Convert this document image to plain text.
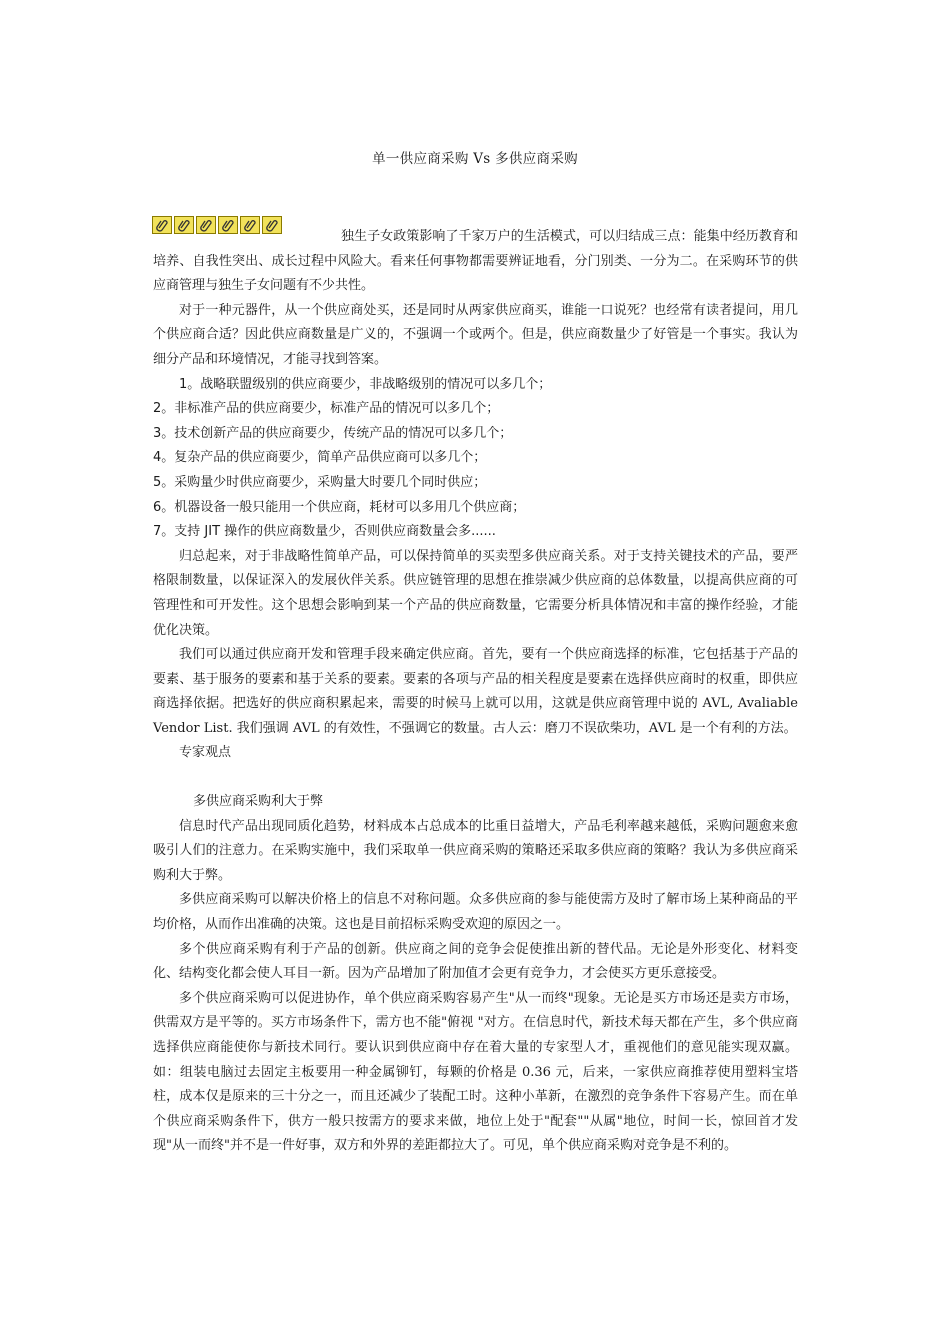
单一供应商采购 Vs 多供应商采购

独生子女政策影响了千家万户的生活模式，可以归结成三点：能集中经历教育和培养、自我性突出、成长过程中风险大。看来任何事物都需要辨证地看，分门别类、一分为二。在采购环节的供应商管理与独生子女问题有不少共性。

对于一种元器件，从一个供应商处买，还是同时从两家供应商买，谁能一口说死？也经常有读者提问，用几个供应商合适？因此供应商数量是广义的，不强调一个或两个。但是，供应商数量少了好管是一个事实。我认为细分产品和环境情况，才能寻找到答案。

1。战略联盟级别的供应商要少，非战略级别的情况可以多几个；

2。非标准产品的供应商要少，标准产品的情况可以多几个；

3。技术创新产品的供应商要少，传统产品的情况可以多几个；

4。复杂产品的供应商要少，简单产品供应商可以多几个；

5。采购量少时供应商要少，采购量大时要几个同时供应；

6。机器设备一般只能用一个供应商，耗材可以多用几个供应商；

7。支持 JIT 操作的供应商数量少，否则供应商数量会多......

归总起来，对于非战略性简单产品，可以保持简单的买卖型多供应商关系。对于支持关键技术的产品，要严格限制数量，以保证深入的发展伙伴关系。供应链管理的思想在推崇减少供应商的总体数量，以提高供应商的可管理性和可开发性。这个思想会影响到某一个产品的供应商数量，它需要分析具体情况和丰富的操作经验，才能优化决策。

我们可以通过供应商开发和管理手段来确定供应商。首先，要有一个供应商选择的标准，它包括基于产品的要素、基于服务的要素和基于关系的要素。要素的各项与产品的相关程度是要素在选择供应商时的权重，即供应商选择依据。把选好的供应商积累起来，需要的时候马上就可以用，这就是供应商管理中说的 AVL, Avaliable Vendor List. 我们强调 AVL 的有效性，不强调它的数量。古人云：磨刀不误砍柴功，AVL 是一个有利的方法。

专家观点

多供应商采购利大于弊

信息时代产品出现同质化趋势，材料成本占总成本的比重日益增大，产品毛利率越来越低，采购问题愈来愈吸引人们的注意力。在采购实施中，我们采取单一供应商采购的策略还采取多供应商的策略？我认为多供应商采购利大于弊。

多供应商采购可以解决价格上的信息不对称问题。众多供应商的参与能使需方及时了解市场上某种商品的平均价格，从而作出准确的决策。这也是目前招标采购受欢迎的原因之一。

多个供应商采购有利于产品的创新。供应商之间的竞争会促使推出新的替代品。无论是外形变化、材料变化、结构变化都会使人耳目一新。因为产品增加了附加值才会更有竞争力，才会使买方更乐意接受。

多个供应商采购可以促进协作，单个供应商采购容易产生"从一而终"现象。无论是买方市场还是卖方市场，供需双方是平等的。买方市场条件下，需方也不能"俯视 "对方。在信息时代，新技术每天都在产生，多个供应商选择供应商能使你与新技术同行。要认识到供应商中存在着大量的专家型人才，重视他们的意见能实现双赢。如：组装电脑过去固定主板要用一种金属铆钉，每颗的价格是 0.36 元，后来，一家供应商推荐使用塑料宝塔柱，成本仅是原来的三十分之一，而且还减少了装配工时。这种小革新，在激烈的竞争条件下容易产生。而在单个供应商采购条件下，供方一般只按需方的要求来做，地位上处于"配套""从属"地位，时间一长，惊回首才发现"从一而终"并不是一件好事，双方和外界的差距都拉大了。可见，单个供应商采购对竞争是不利的。
